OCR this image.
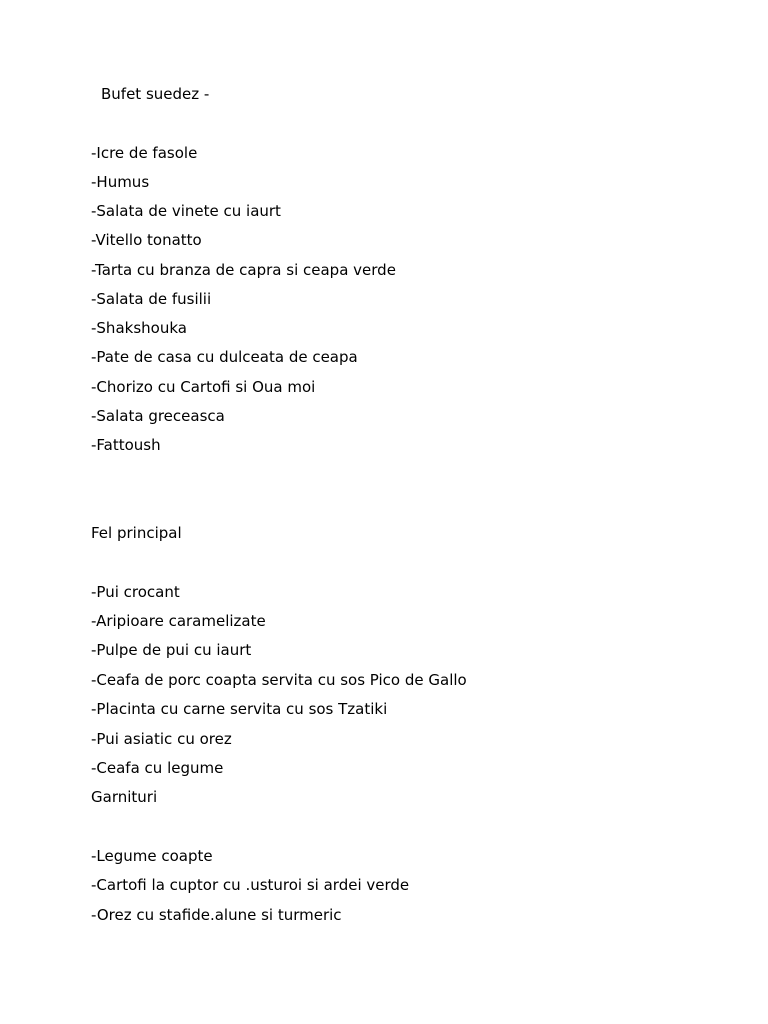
Bufet suedez -
-Icre de fasole
-Humus
-Salata de vinete cu iaurt
-Vitello tonatto
-Tarta cu branza de capra si ceapa verde
-Salata de fusilii
-Shakshouka
-Pate de casa cu dulceata de ceapa
-Chorizo cu Cartofi si Oua moi
-Salata greceasca
-Fattoush
Fel principal
-Pui crocant
-Aripioare caramelizate
-Pulpe de pui cu iaurt
-Ceafa de porc coapta servita cu sos Pico de Gallo
-Placinta cu carne servita cu sos Tzatiki
-Pui asiatic cu orez
-Ceafa cu legume
Garnituri
-Legume coapte
-Cartofi la cuptor cu .usturoi si ardei verde
-Orez cu stafide.alune si turmeric
